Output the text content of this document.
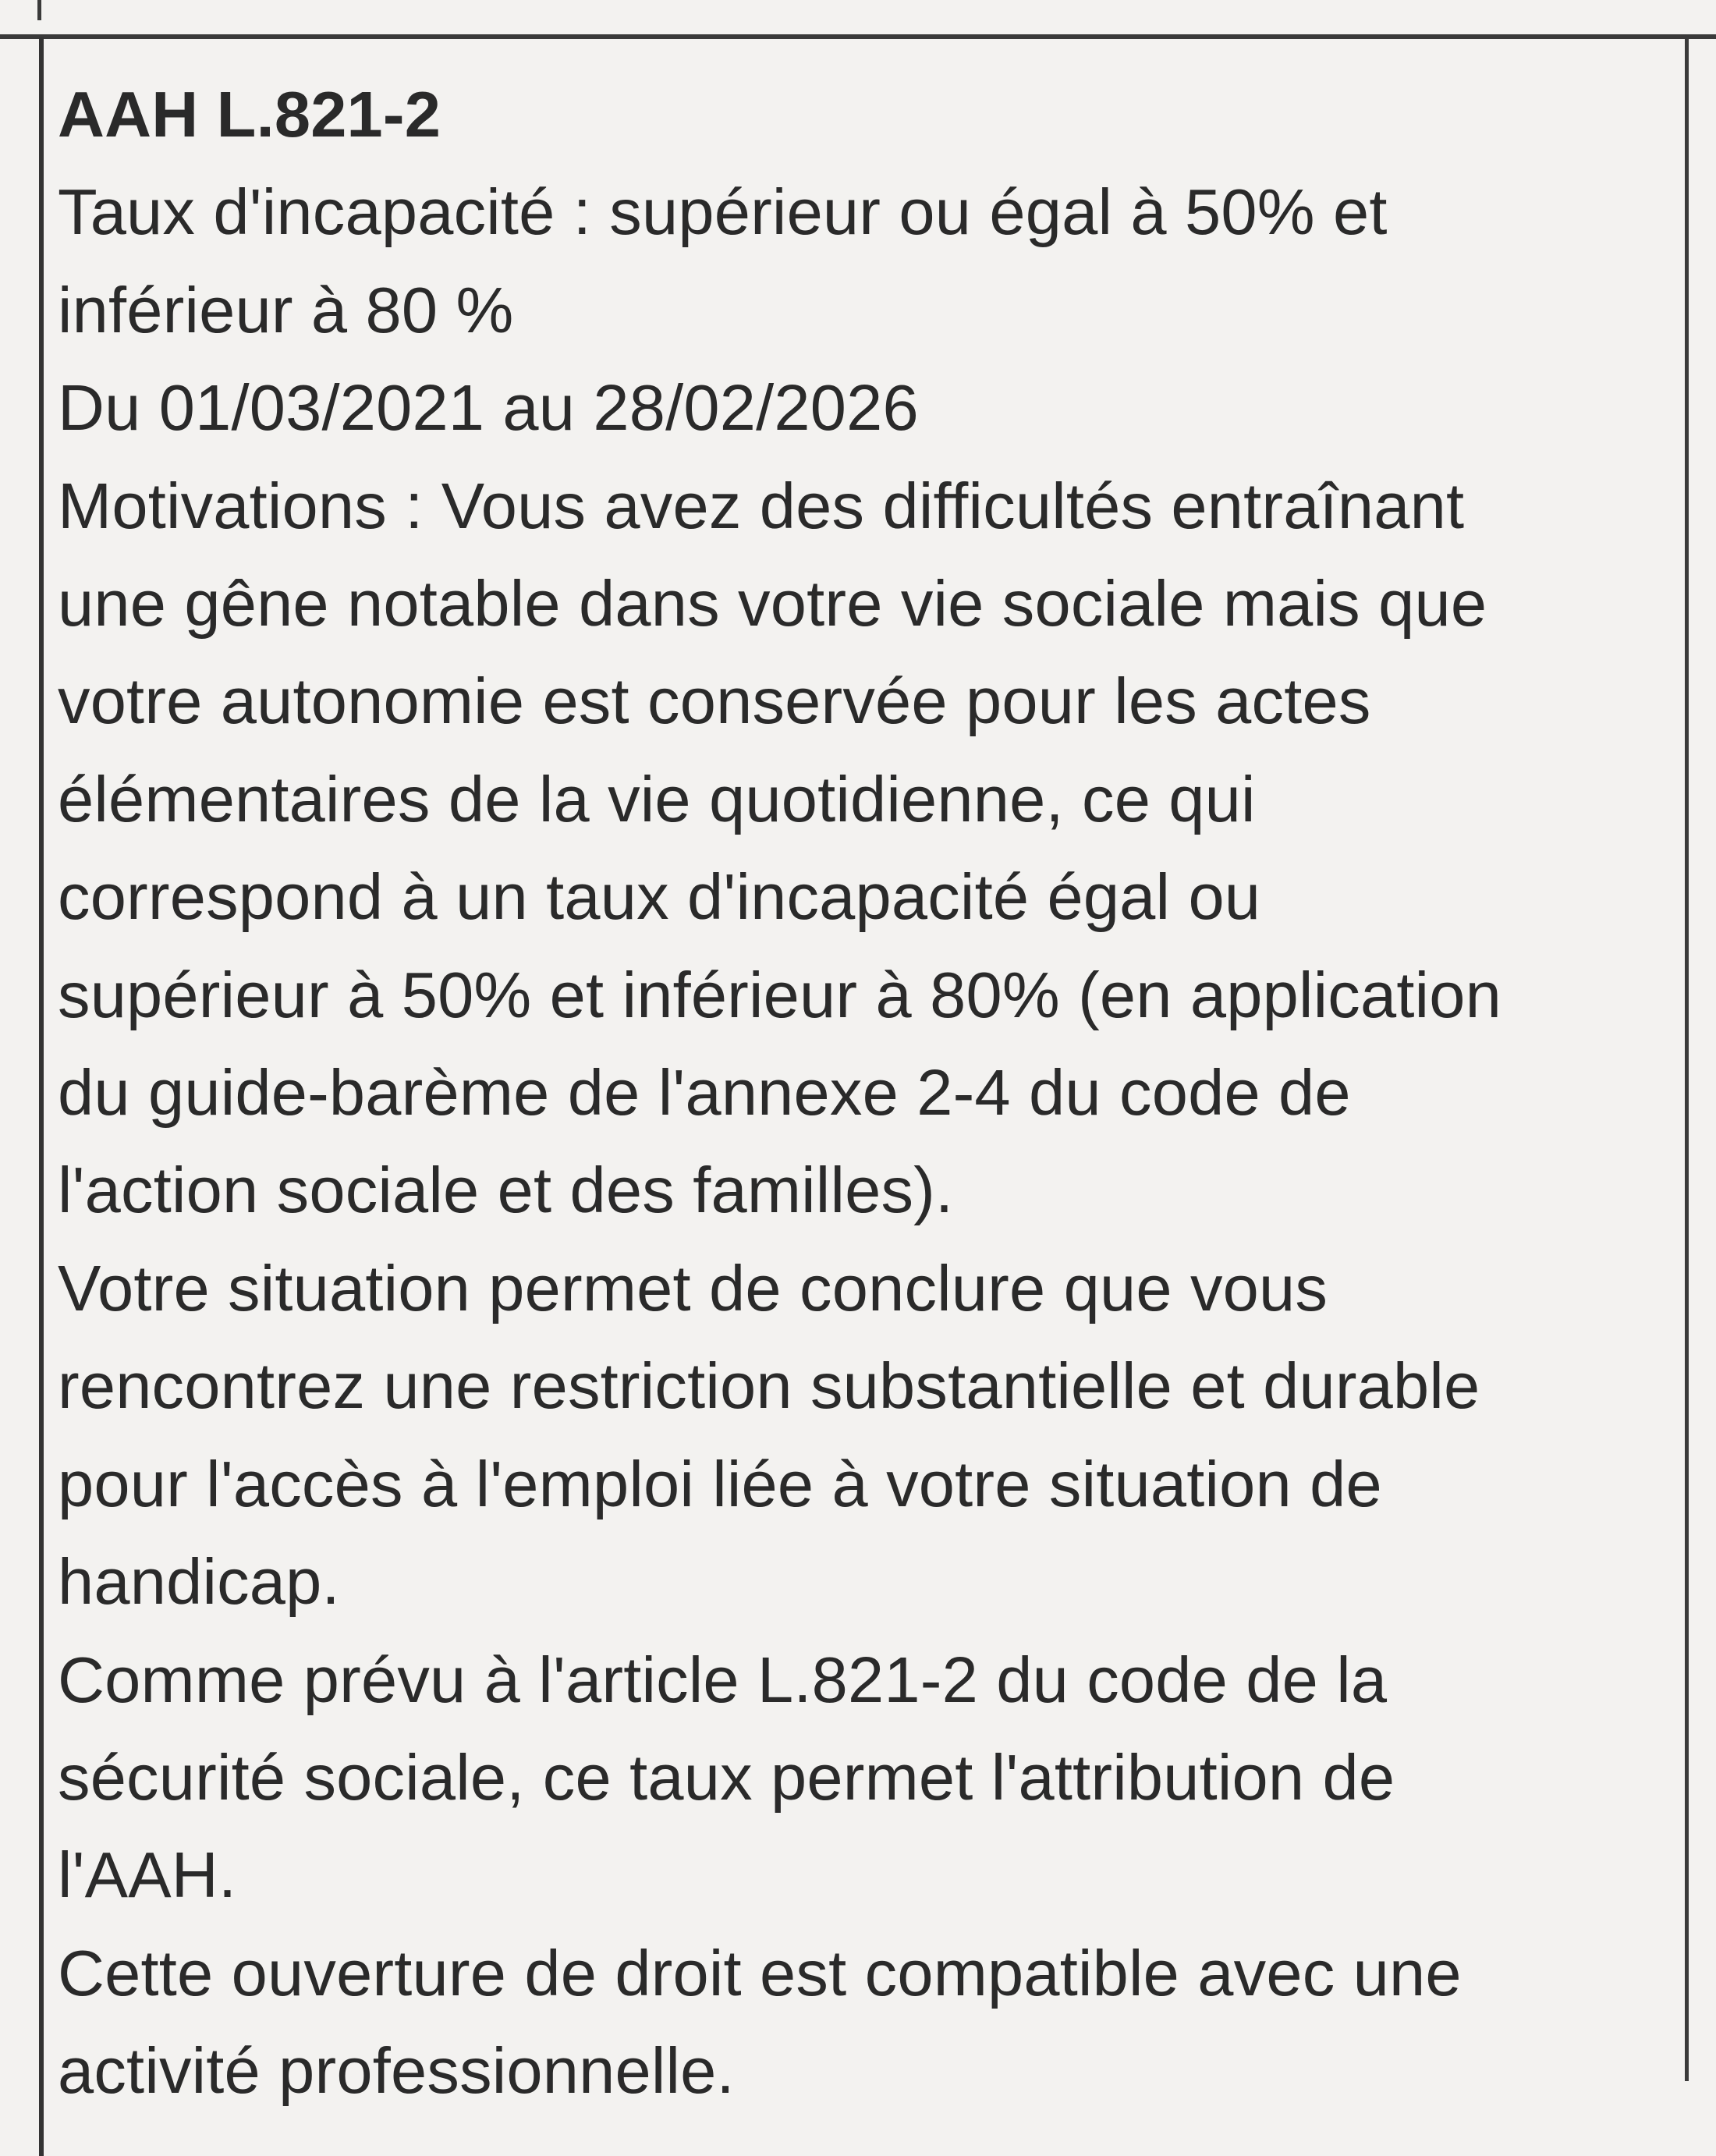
AAH L.821-2
Taux d'incapacité : supérieur ou égal à 50% et
inférieur à 80 %
Du 01/03/2021 au 28/02/2026
Motivations : Vous avez des difficultés entraînant
une gêne notable dans votre vie sociale mais que
votre autonomie est conservée pour les actes
élémentaires de la vie quotidienne, ce qui
correspond à un taux d'incapacité égal ou
supérieur à 50% et inférieur à 80% (en application
du guide-barème de l'annexe 2-4 du code de
l'action sociale et des familles).
Votre situation permet de conclure que vous
rencontrez une restriction substantielle et durable
pour l'accès à l'emploi liée à votre situation de
handicap.
Comme prévu à l'article L.821-2 du code de la
sécurité sociale, ce taux permet l'attribution de
l'AAH.
Cette ouverture de droit est compatible avec une
activité professionnelle.
